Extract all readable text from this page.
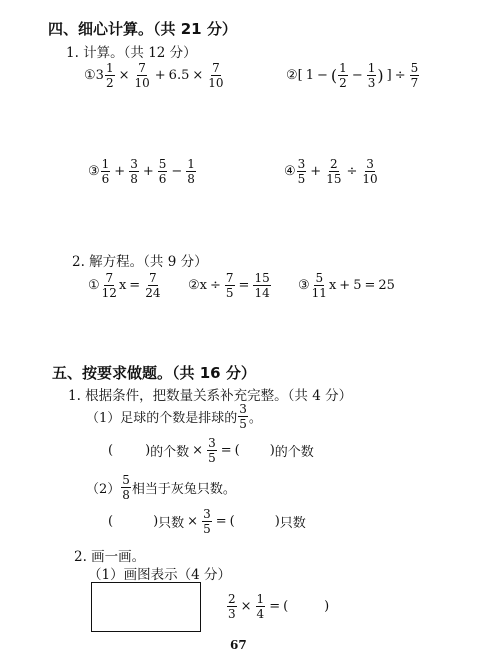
四、细心计算。（共 21 分）
1. 计算。（共 12 分）
① $3 \frac{1}{2} \times \frac{7}{10} + 6.5 \times \frac{7}{10}$	② [ 1 − ( $\frac{1}{2} - \frac{1}{3}$ ) ] ÷ $\frac{5}{7}$
③ $\frac{1}{6} + \frac{3}{8} + \frac{5}{6} - \frac{1}{8}$	④ $\frac{3}{5} + \frac{2}{15} \div \frac{3}{10}$
2. 解方程。（共 9 分）
① $\frac{7}{12}$ $x = \frac{7}{24}$ ② $x \div \frac{7}{5} = \frac{15}{14}$ ③ $\frac{5}{11}$ x + 5 = 25
五、按要求做题。（共 16 分）
1. 根据条件，把数量关系补充完整。（共 4 分）
（1）足球的个数是排球的 $\frac{3}{5}$ 。
( ) 的个数 × $\frac{3}{5}$ = ( ) 的个数
$(2) \frac{5}{8}$ 相当于灰兔只数。
(	) 只数 × $\frac{3}{5}$ = (	) 只数
2. 画一画。
（1）画图表示（4 分）
$\frac{2}{3} \times \frac{1}{4}$ = (	)
67
